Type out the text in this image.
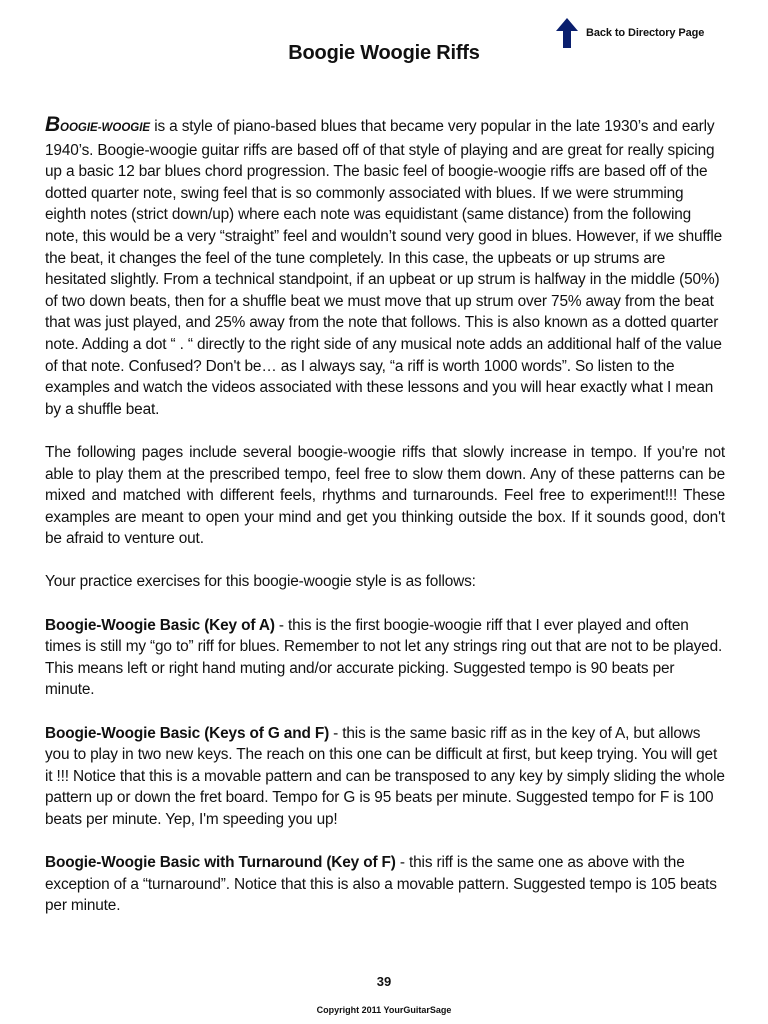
Back to Directory Page
Boogie Woogie Riffs

BOOGIE-WOOGIE is a style of piano-based blues that became very popular in the late 1930’s and early 1940’s. Boogie-woogie guitar riffs are based off of that style of playing and are great for really spicing up a basic 12 bar blues chord progression. The basic feel of boogie-woogie riffs are based off of the dotted quarter note, swing feel that is so commonly associated with blues. If we were strumming eighth notes (strict down/up) where each note was equidistant (same distance) from the following note, this would be a very “straight” feel and wouldn’t sound very good in blues. However, if we shuffle the beat, it changes the feel of the tune completely. In this case, the upbeats or up strums are hesitated slightly. From a technical standpoint, if an upbeat or up strum is halfway in the middle (50%) of two down beats, then for a shuffle beat we must move that up strum over 75% away from the beat that was just played, and 25% away from the note that follows. This is also known as a dotted quarter note. Adding a dot “ . “ directly to the right side of any musical note adds an additional half of the value of that note. Confused? Don't be… as I always say, “a riff is worth 1000 words”. So listen to the examples and watch the videos associated with these lessons and you will hear exactly what I mean by a shuffle beat.

The following pages include several boogie-woogie riffs that slowly increase in tempo. If you're not able to play them at the prescribed tempo, feel free to slow them down. Any of these patterns can be mixed and matched with different feels, rhythms and turnarounds. Feel free to experiment!!! These examples are meant to open your mind and get you thinking outside the box. If it sounds good, don't be afraid to venture out.

Your practice exercises for this boogie-woogie style is as follows:

Boogie-Woogie Basic (Key of A) - this is the first boogie-woogie riff that I ever played and often times is still my “go to” riff for blues. Remember to not let any strings ring out that are not to be played. This means left or right hand muting and/or accurate picking. Suggested tempo is 90 beats per minute.

Boogie-Woogie Basic (Keys of G and F) - this is the same basic riff as in the key of A, but allows you to play in two new keys. The reach on this one can be difficult at first, but keep trying. You will get it !!! Notice that this is a movable pattern and can be transposed to any key by simply sliding the whole pattern up or down the fret board. Tempo for G is 95 beats per minute. Suggested tempo for F is 100 beats per minute. Yep, I'm speeding you up!

Boogie-Woogie Basic with Turnaround (Key of F) - this riff is the same one as above with the exception of a “turnaround”. Notice that this is also a movable pattern. Suggested tempo is 105 beats per minute.

39
Copyright 2011 YourGuitarSage
